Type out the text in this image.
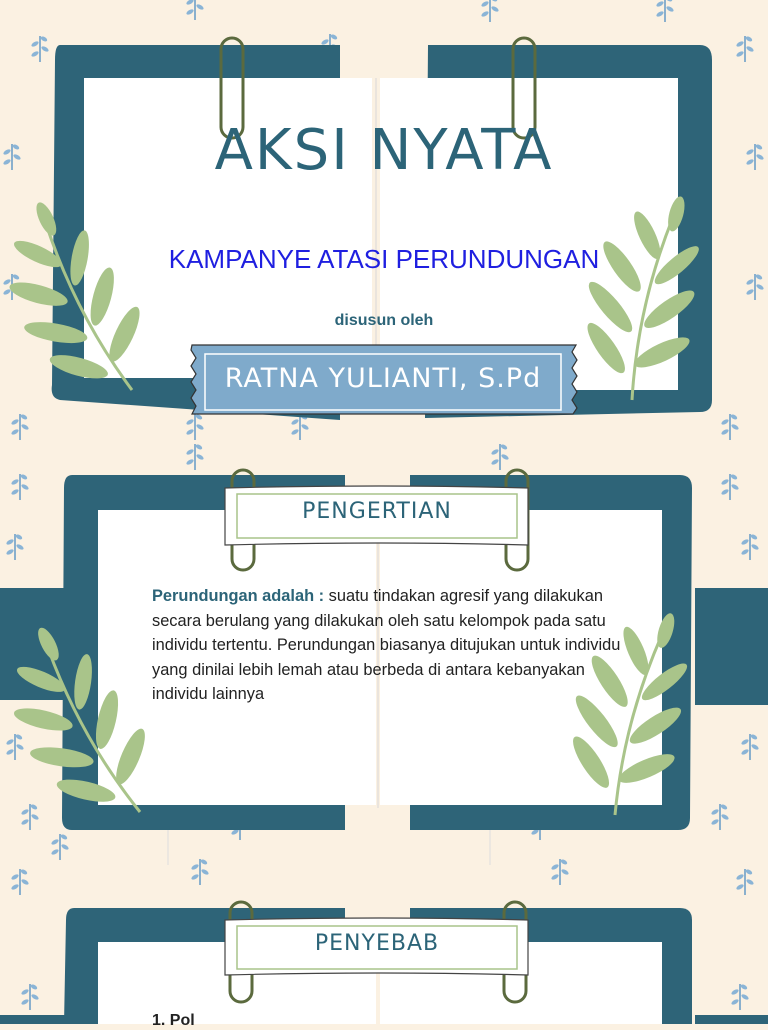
AKSI NYATA
KAMPANYE ATASI PERUNDUNGAN
disusun oleh
RATNA YULIANTI, S.Pd
PENGERTIAN
Perundungan adalah : suatu tindakan agresif yang dilakukan secara berulang yang dilakukan oleh satu kelompok pada satu individu tertentu. Perundungan biasanya ditujukan untuk individu yang dinilai lebih lemah atau berbeda di antara kebanyakan individu lainnya
PENYEBAB
1. Pol
